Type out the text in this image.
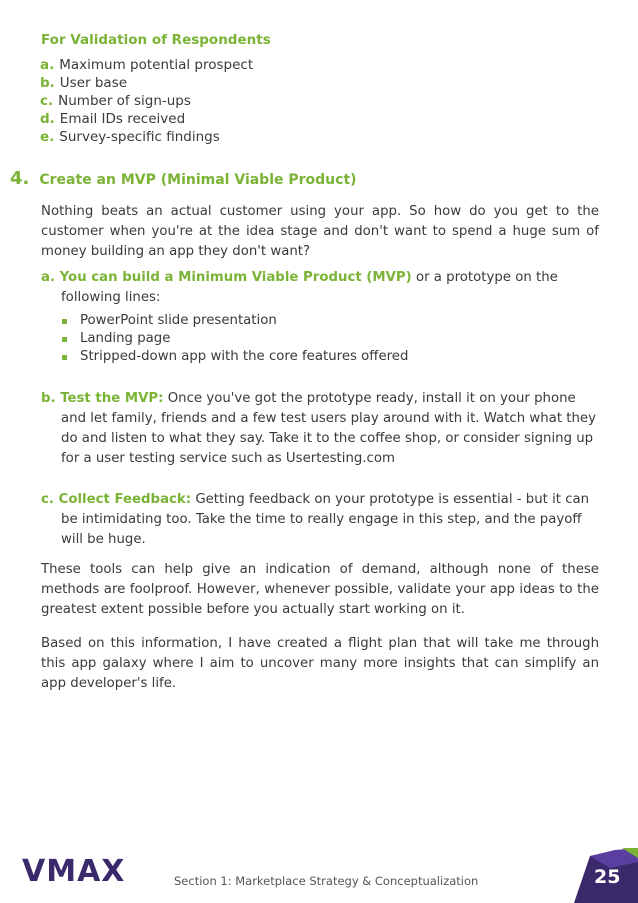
For Validation of Respondents
a. Maximum potential prospect
b. User base
c. Number of sign-ups
d. Email IDs received
e. Survey-specific findings
4. Create an MVP (Minimal Viable Product)
Nothing beats an actual customer using your app. So how do you get to the customer when you're at the idea stage and don't want to spend a huge sum of money building an app they don't want?
a. You can build a Minimum Viable Product (MVP) or a prototype on the
following lines:
PowerPoint slide presentation
Landing page
Stripped-down app with the core features offered
b. Test the MVP: Once you've got the prototype ready, install it on your phone
and let family, friends and a few test users play around with it. Watch what they do and listen to what they say. Take it to the coffee shop, or consider signing up for a user testing service such as Usertesting.com
c. Collect Feedback: Getting feedback on your prototype is essential - but it can
be intimidating too. Take the time to really engage in this step, and the payoff will be huge.
These tools can help give an indication of demand, although none of these methods are foolproof. However, whenever possible, validate your app ideas to the greatest extent possible before you actually start working on it.
Based on this information, I have created a flight plan that will take me through this app galaxy where I aim to uncover many more insights that can simplify an app developer's life.
VMAX	Section 1: Marketplace Strategy & Conceptualization	25
